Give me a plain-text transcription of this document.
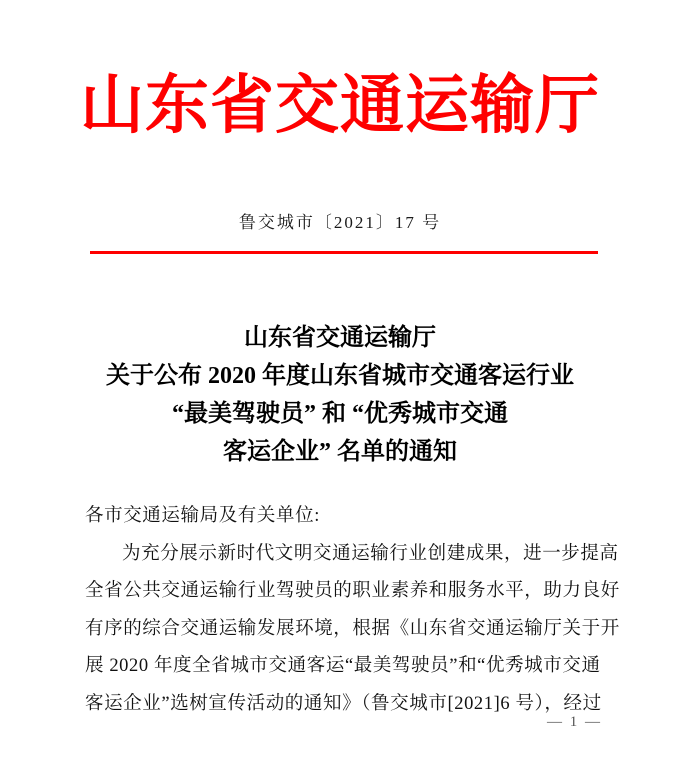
山东省交通运输厅
鲁交城市〔2021〕17 号
山东省交通运输厅
关于公布 2020 年度山东省城市交通客运行业
“最美驾驶员” 和 “优秀城市交通
客运企业” 名单的通知
各市交通运输局及有关单位:
为充分展示新时代文明交通运输行业创建成果，进一步提高
全省公共交通运输行业驾驶员的职业素养和服务水平，助力良好
有序的综合交通运输发展环境，根据《山东省交通运输厅关于开
展 2020 年度全省城市交通客运“最美驾驶员”和“优秀城市交通
客运企业”选树宣传活动的通知》（鲁交城市[2021]6 号），经过
— 1 —
